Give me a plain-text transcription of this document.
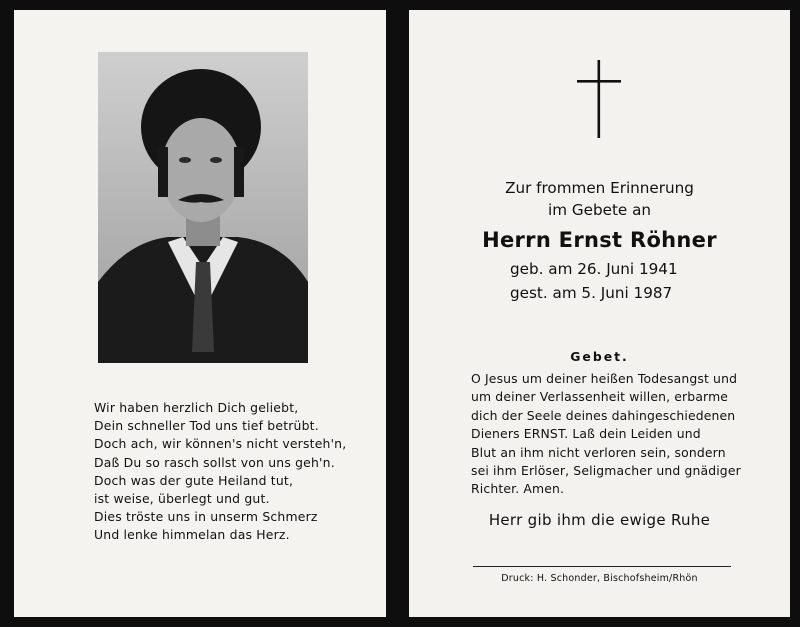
Wir haben herzlich Dich geliebt,
Dein schneller Tod uns tief betrübt.
Doch ach, wir können's nicht versteh'n,
Daß Du so rasch sollst von uns geh'n.
Doch was der gute Heiland tut,
ist weise, überlegt und gut.
Dies tröste uns in unserm Schmerz
Und lenke himmelan das Herz.
Zur frommen Erinnerung
im Gebete an
Herrn Ernst Röhner
geb. am 26. Juni 1941
gest. am 5. Juni 1987
Gebet.
O Jesus um deiner heißen Todesangst und
um deiner Verlassenheit willen, erbarme
dich der Seele deines dahingeschiedenen
Dieners ERNST. Laß dein Leiden und
Blut an ihm nicht verloren sein, sondern
sei ihm Erlöser, Seligmacher und gnädiger
Richter. Amen.
Herr gib ihm die ewige Ruhe
Druck: H. Schonder, Bischofsheim/Rhön
